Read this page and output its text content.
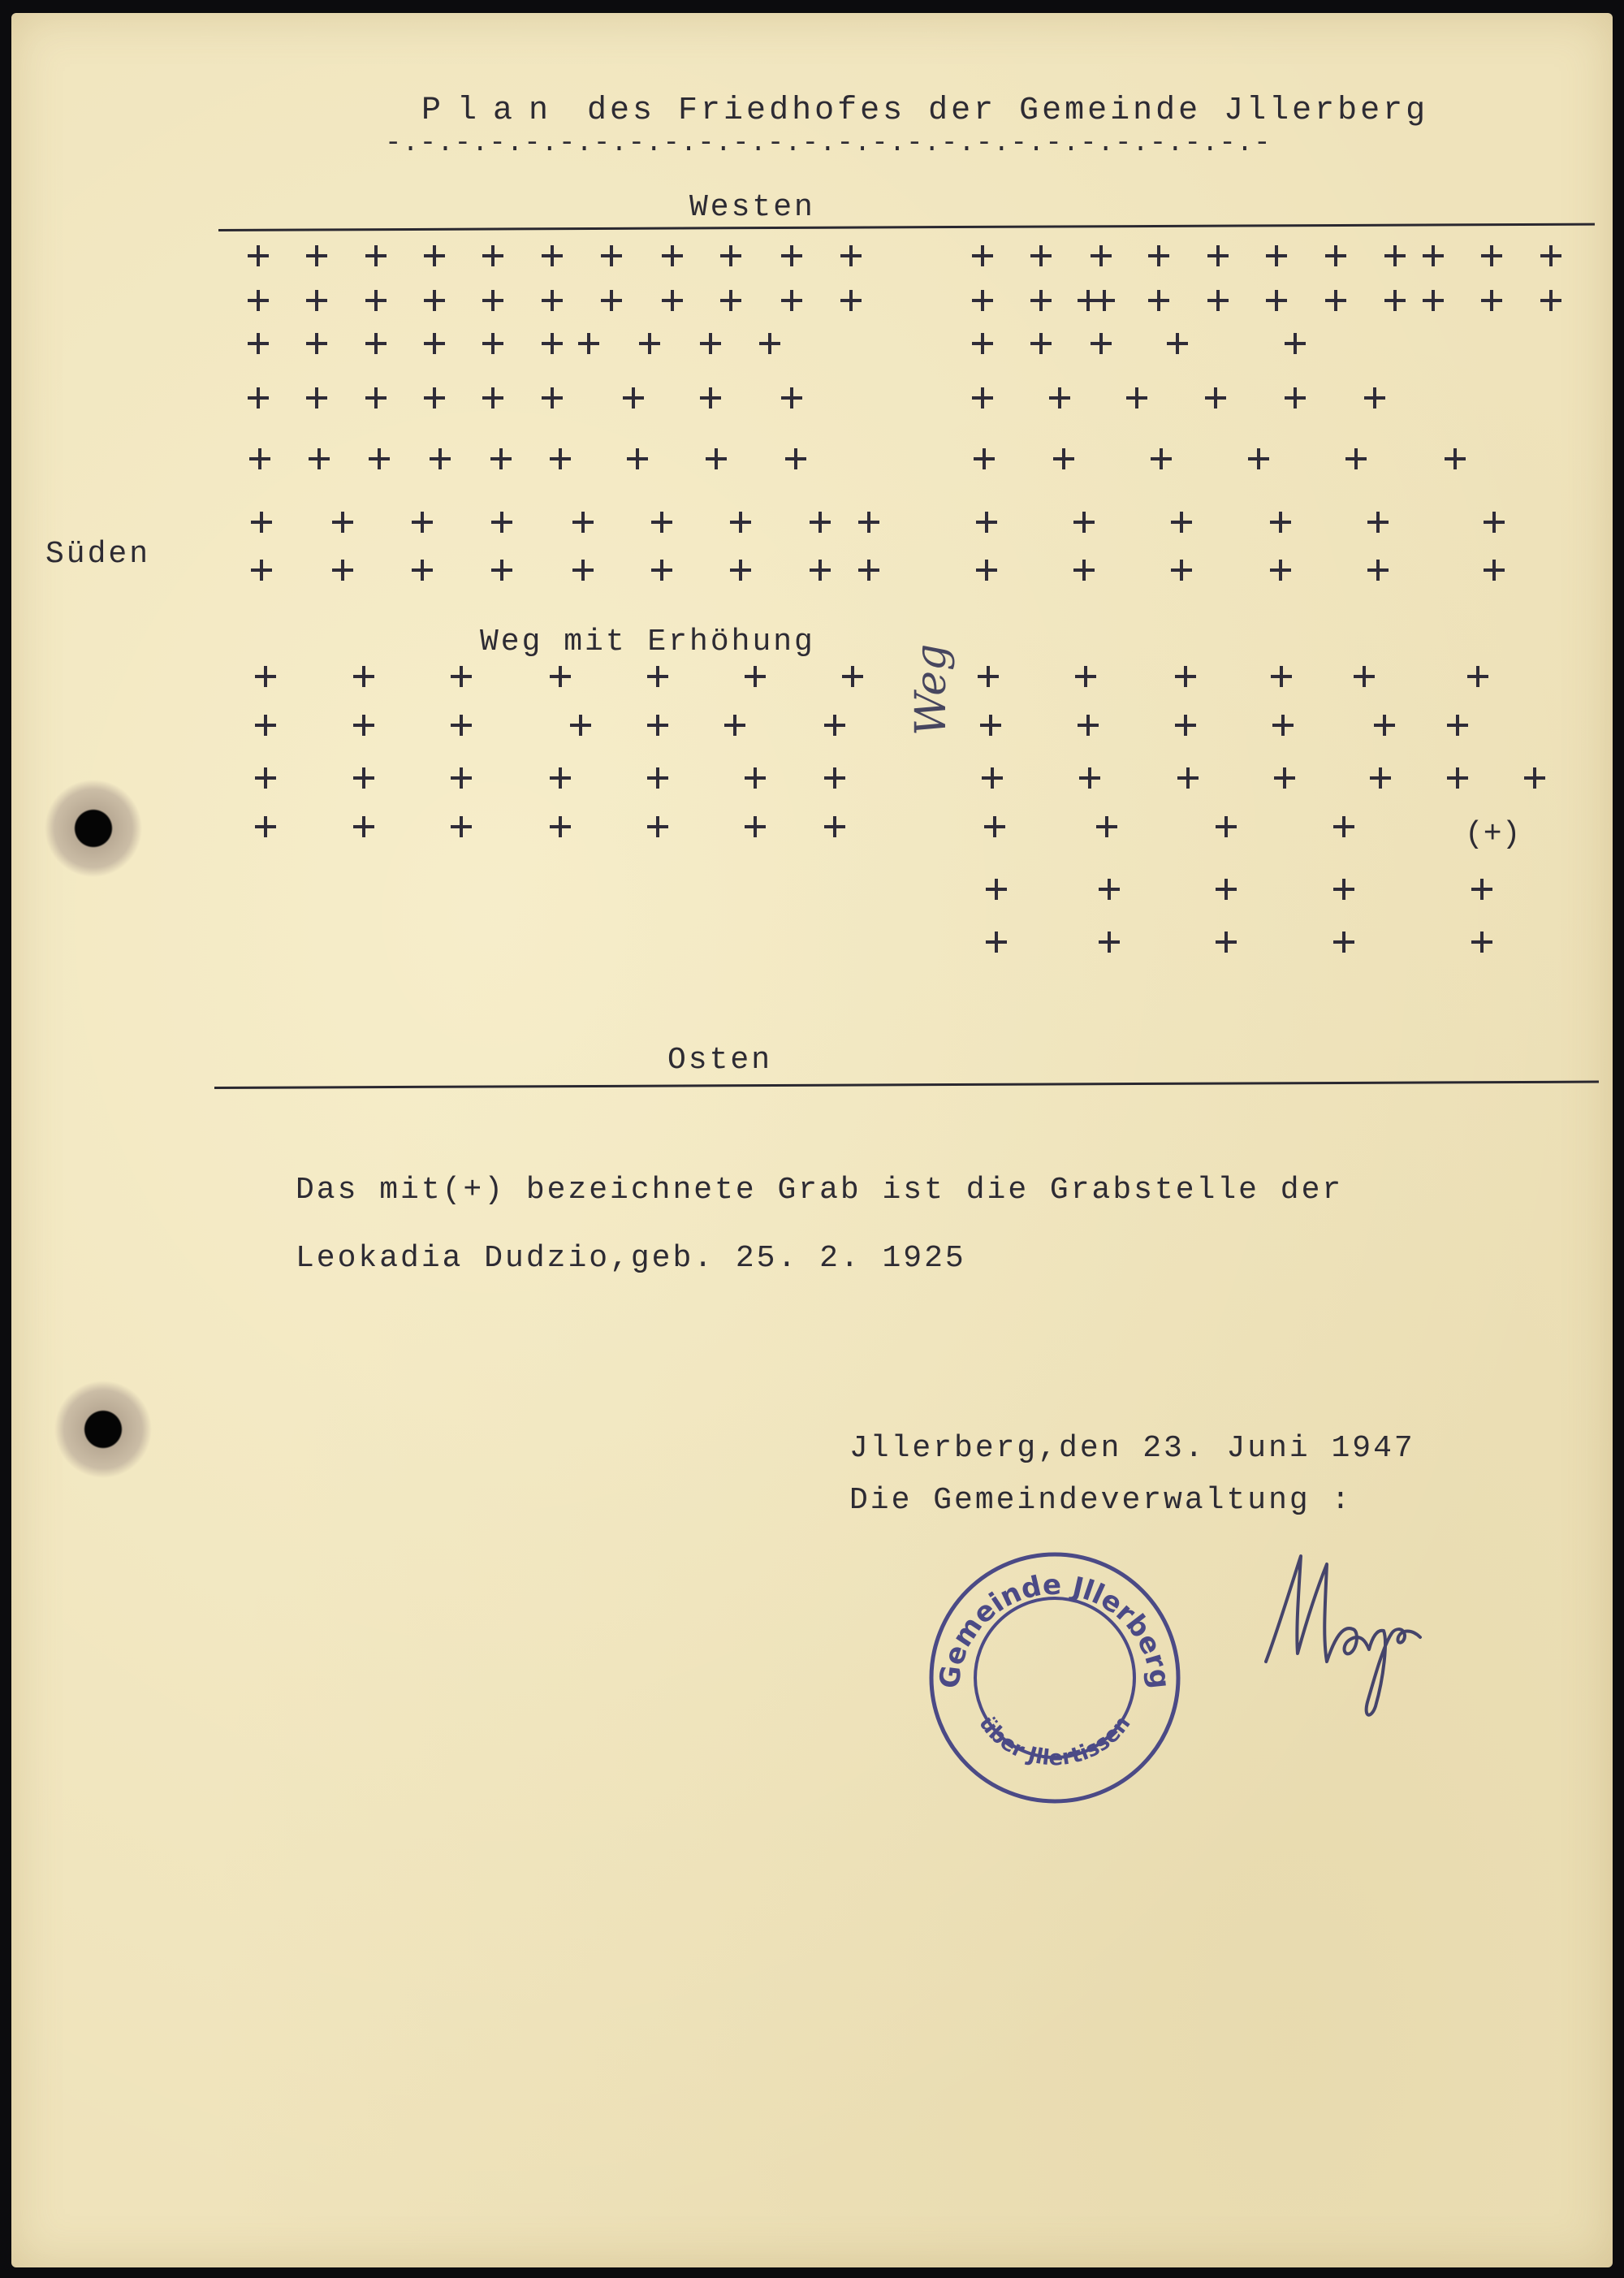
Plan des Friedhofes der Gemeinde Jllerberg
-.-.-.-.-.-.-.-.-.-.-.-.-.-.-.-.-.-.-.-.-.-.-.-.-.-
Westen
Süden
Weg mit Erhöhung
Weg
(+)
Osten
Das mit(+) bezeichnete Grab ist die Grabstelle der
Leokadia Dudzio,geb. 25. 2. 1925
Jllerberg,den 23. Juni 1947
Die Gemeindeverwaltung :
Gemeinde Jllerberg
über Jllertissen
